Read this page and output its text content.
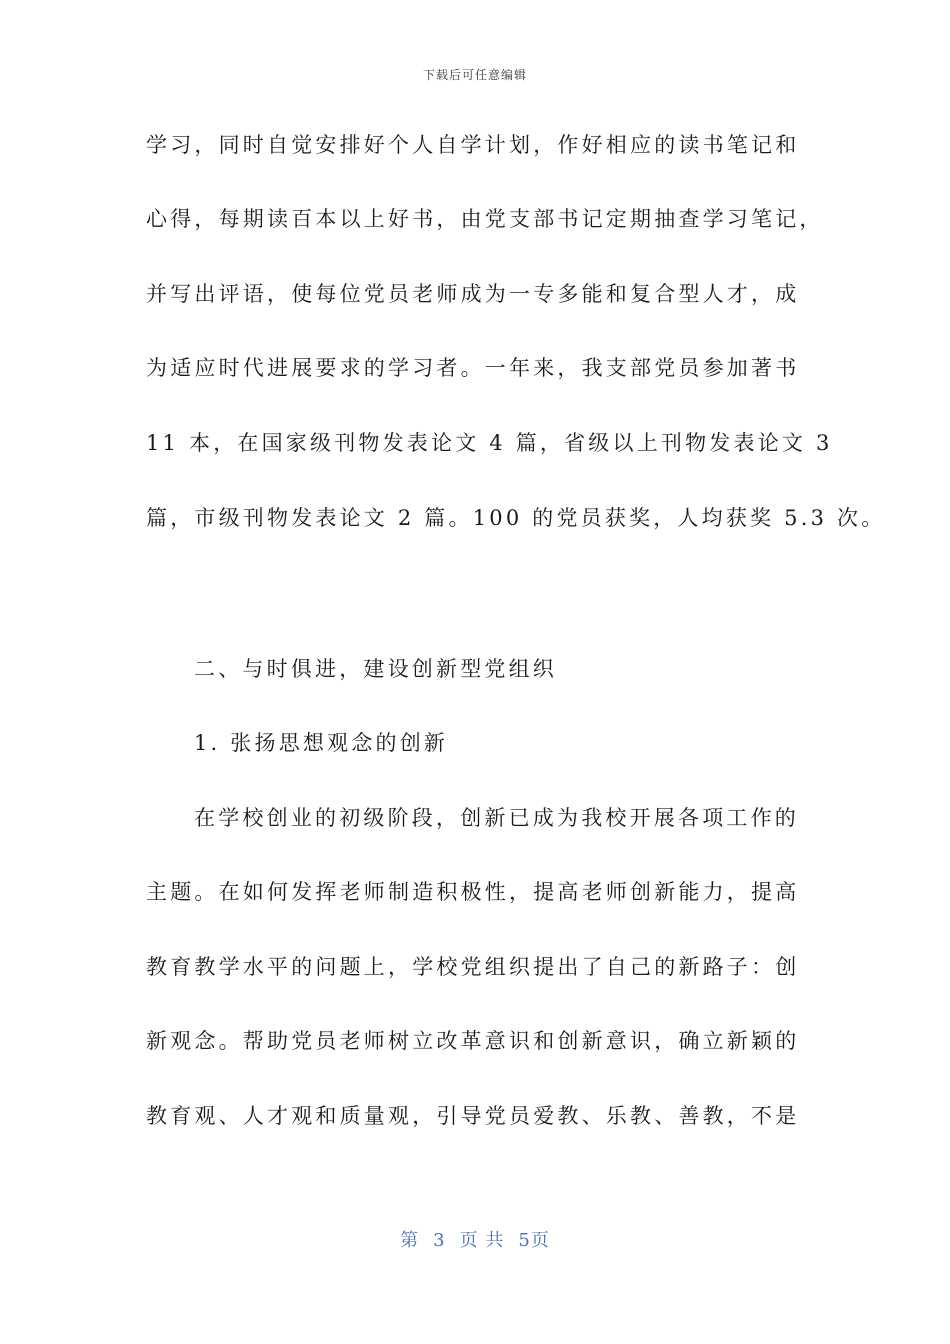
下载后可任意编辑
学习，同时自觉安排好个人自学计划，作好相应的读书笔记和
心得，每期读百本以上好书，由党支部书记定期抽查学习笔记，
并写出评语，使每位党员老师成为一专多能和复合型人才，成
为适应时代进展要求的学习者。一年来，我支部党员参加著书
11 本，在国家级刊物发表论文 4 篇，省级以上刊物发表论文 3
篇，市级刊物发表论文 2 篇。100 的党员获奖，人均获奖 5.3 次。
二、与时俱进，建设创新型党组织
1. 张扬思想观念的创新
在学校创业的初级阶段，创新已成为我校开展各项工作的
主题。在如何发挥老师制造积极性，提高老师创新能力，提高
教育教学水平的问题上，学校党组织提出了自己的新路子：创
新观念。帮助党员老师树立改革意识和创新意识，确立新颖的
教育观、人才观和质量观，引导党员爱教、乐教、善教，不是
第 3 页 共 5页
